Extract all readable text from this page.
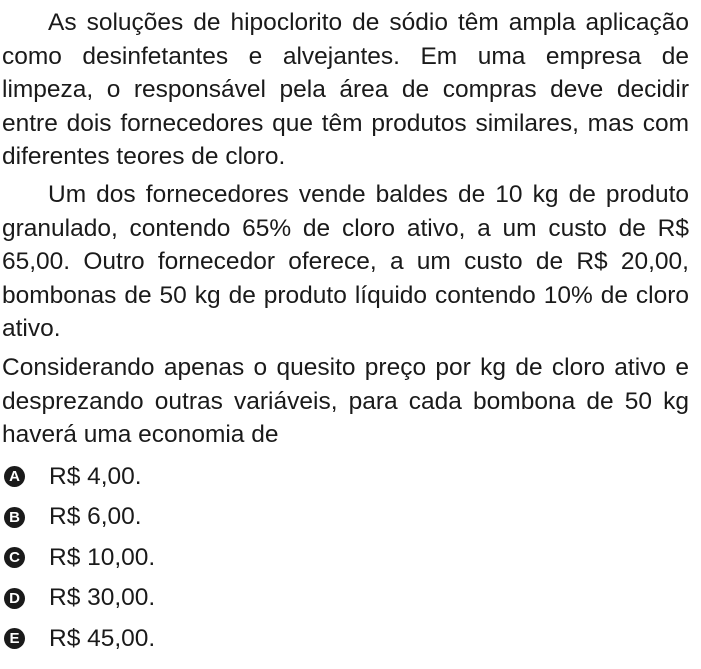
As soluções de hipoclorito de sódio têm ampla aplicação como desinfetantes e alvejantes. Em uma empresa de limpeza, o responsável pela área de compras deve decidir entre dois fornecedores que têm produtos similares, mas com diferentes teores de cloro.

Um dos fornecedores vende baldes de 10 kg de produto granulado, contendo 65% de cloro ativo, a um custo de R$ 65,00. Outro fornecedor oferece, a um custo de R$ 20,00, bombonas de 50 kg de produto líquido contendo 10% de cloro ativo.

Considerando apenas o quesito preço por kg de cloro ativo e desprezando outras variáveis, para cada bombona de 50 kg haverá uma economia de

A R$ 4,00.
B R$ 6,00.
C R$ 10,00.
D R$ 30,00.
E R$ 45,00.
